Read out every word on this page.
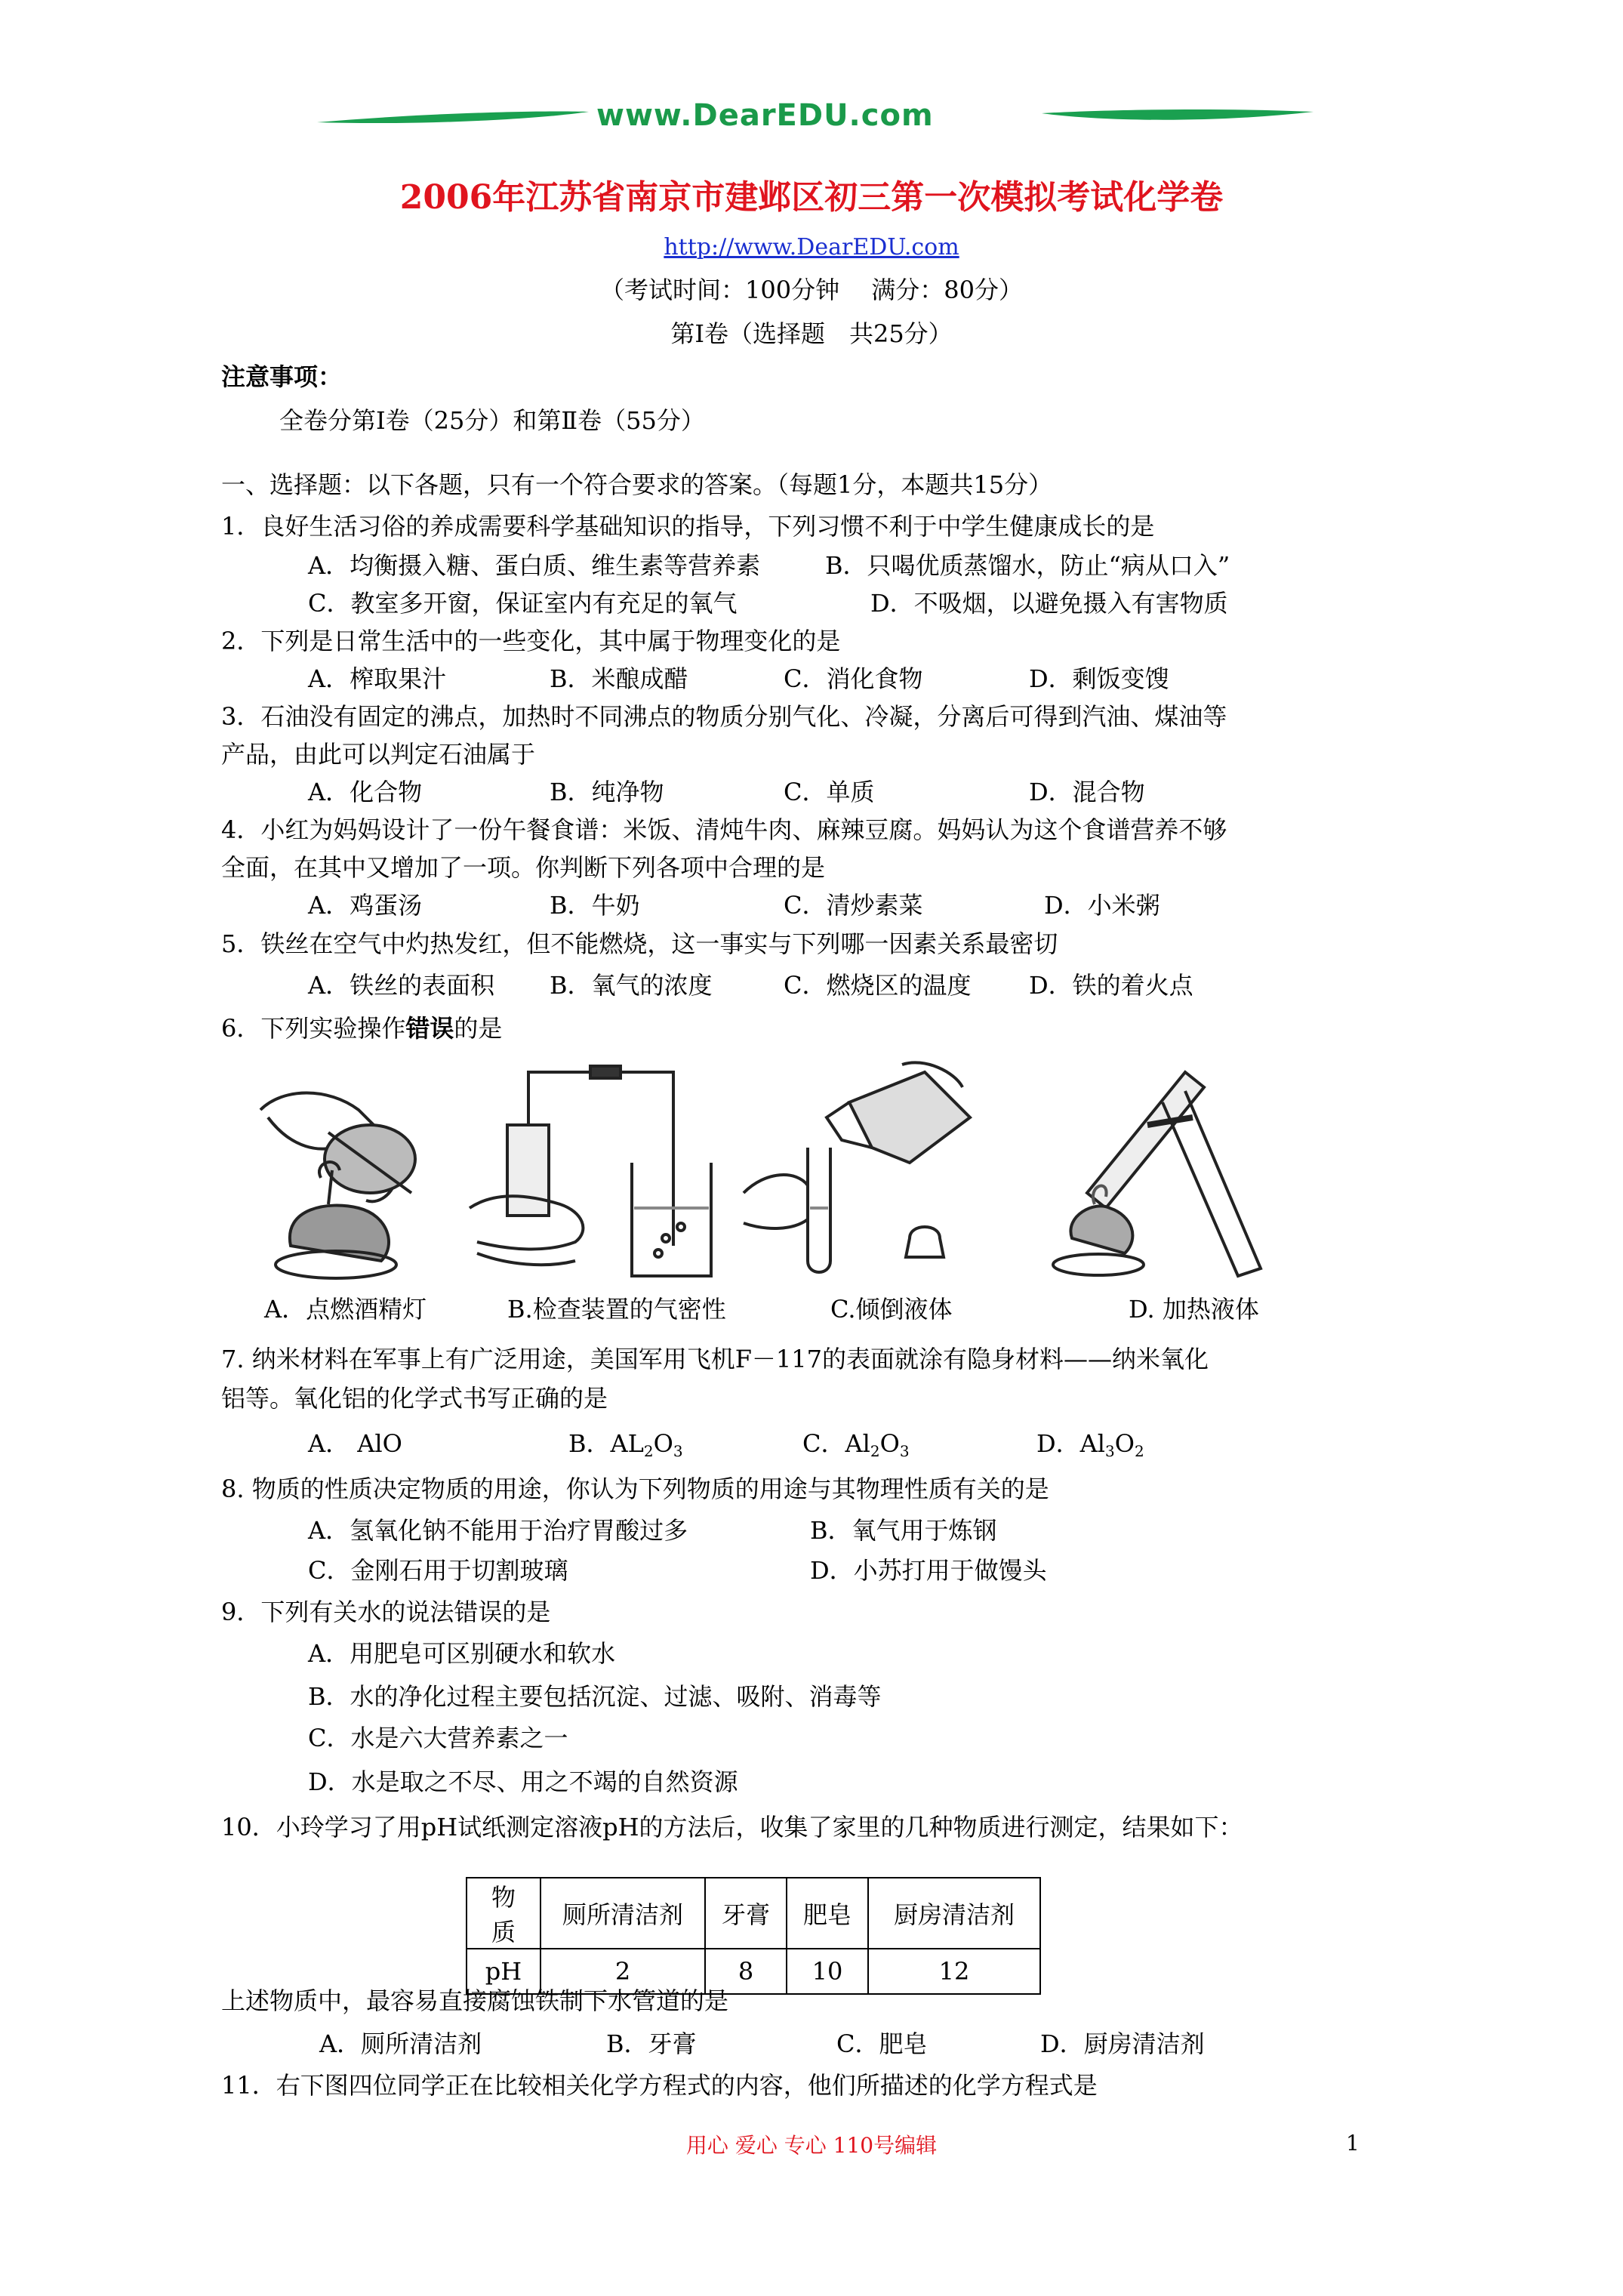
www.DearEDU.com
2006年江苏省南京市建邺区初三第一次模拟考试化学卷
http://www.DearEDU.com
（考试时间：100分钟　 满分：80分）
第Ⅰ卷（选择题　共25分）
注意事项：
全卷分第Ⅰ卷（25分）和第Ⅱ卷（55分）
一、选择题：以下各题，只有一个符合要求的答案。（每题1分，本题共15分）
1．良好生活习俗的养成需要科学基础知识的指导，下列习惯不利于中学生健康成长的是
A．均衡摄入糖、蛋白质、维生素等营养素	B．只喝优质蒸馏水，防止“病从口入”
C．教室多开窗，保证室内有充足的氧气	D．不吸烟，以避免摄入有害物质
2．下列是日常生活中的一些变化，其中属于物理变化的是
A．榨取果汁	B．米酿成醋	C．消化食物	D．剩饭变馊
3．石油没有固定的沸点，加热时不同沸点的物质分别气化、冷凝，分离后可得到汽油、煤油等
产品，由此可以判定石油属于
A．化合物	B．纯净物	C．单质	D．混合物
4．小红为妈妈设计了一份午餐食谱：米饭、清炖牛肉、麻辣豆腐。妈妈认为这个食谱营养不够
全面，在其中又增加了一项。你判断下列各项中合理的是
A．鸡蛋汤	B．牛奶	C．清炒素菜	D．小米粥
5．铁丝在空气中灼热发红，但不能燃烧，这一事实与下列哪一因素关系最密切
A．铁丝的表面积 B．氧气的浓度	C．燃烧区的温度 D．铁的着火点
6．下列实验操作错误的是
A．点燃酒精灯	B.检查装置的气密性	C.倾倒液体	D. 加热液体
7. 纳米材料在军事上有广泛用途，美国军用飞机F－117的表面就涂有隐身材料——纳米氧化
铝等。氧化铝的化学式书写正确的是
A． AlO	B．AL2O3	C．Al2O3	D．Al3O2
8. 物质的性质决定物质的用途，你认为下列物质的用途与其物理性质有关的是
A．氢氧化钠不能用于治疗胃酸过多	B．氧气用于炼钢
C．金刚石用于切割玻璃	D．小苏打用于做馒头
9．下列有关水的说法错误的是
A．用肥皂可区别硬水和软水
B．水的净化过程主要包括沉淀、过滤、吸附、消毒等
C．水是六大营养素之一
D．水是取之不尽、用之不竭的自然资源
10．小玲学习了用pH试纸测定溶液pH的方法后，收集了家里的几种物质进行测定，结果如下：
物质	厕所清洁剂	牙膏	肥皂	厨房清洁剂
pH	2	8	10	12
上述物质中，最容易直接腐蚀铁制下水管道的是
A．厕所清洁剂	B．牙膏	C．肥皂	D．厨房清洁剂
11．右下图四位同学正在比较相关化学方程式的内容，他们所描述的化学方程式是
用心 爱心 专心 110号编辑	1
